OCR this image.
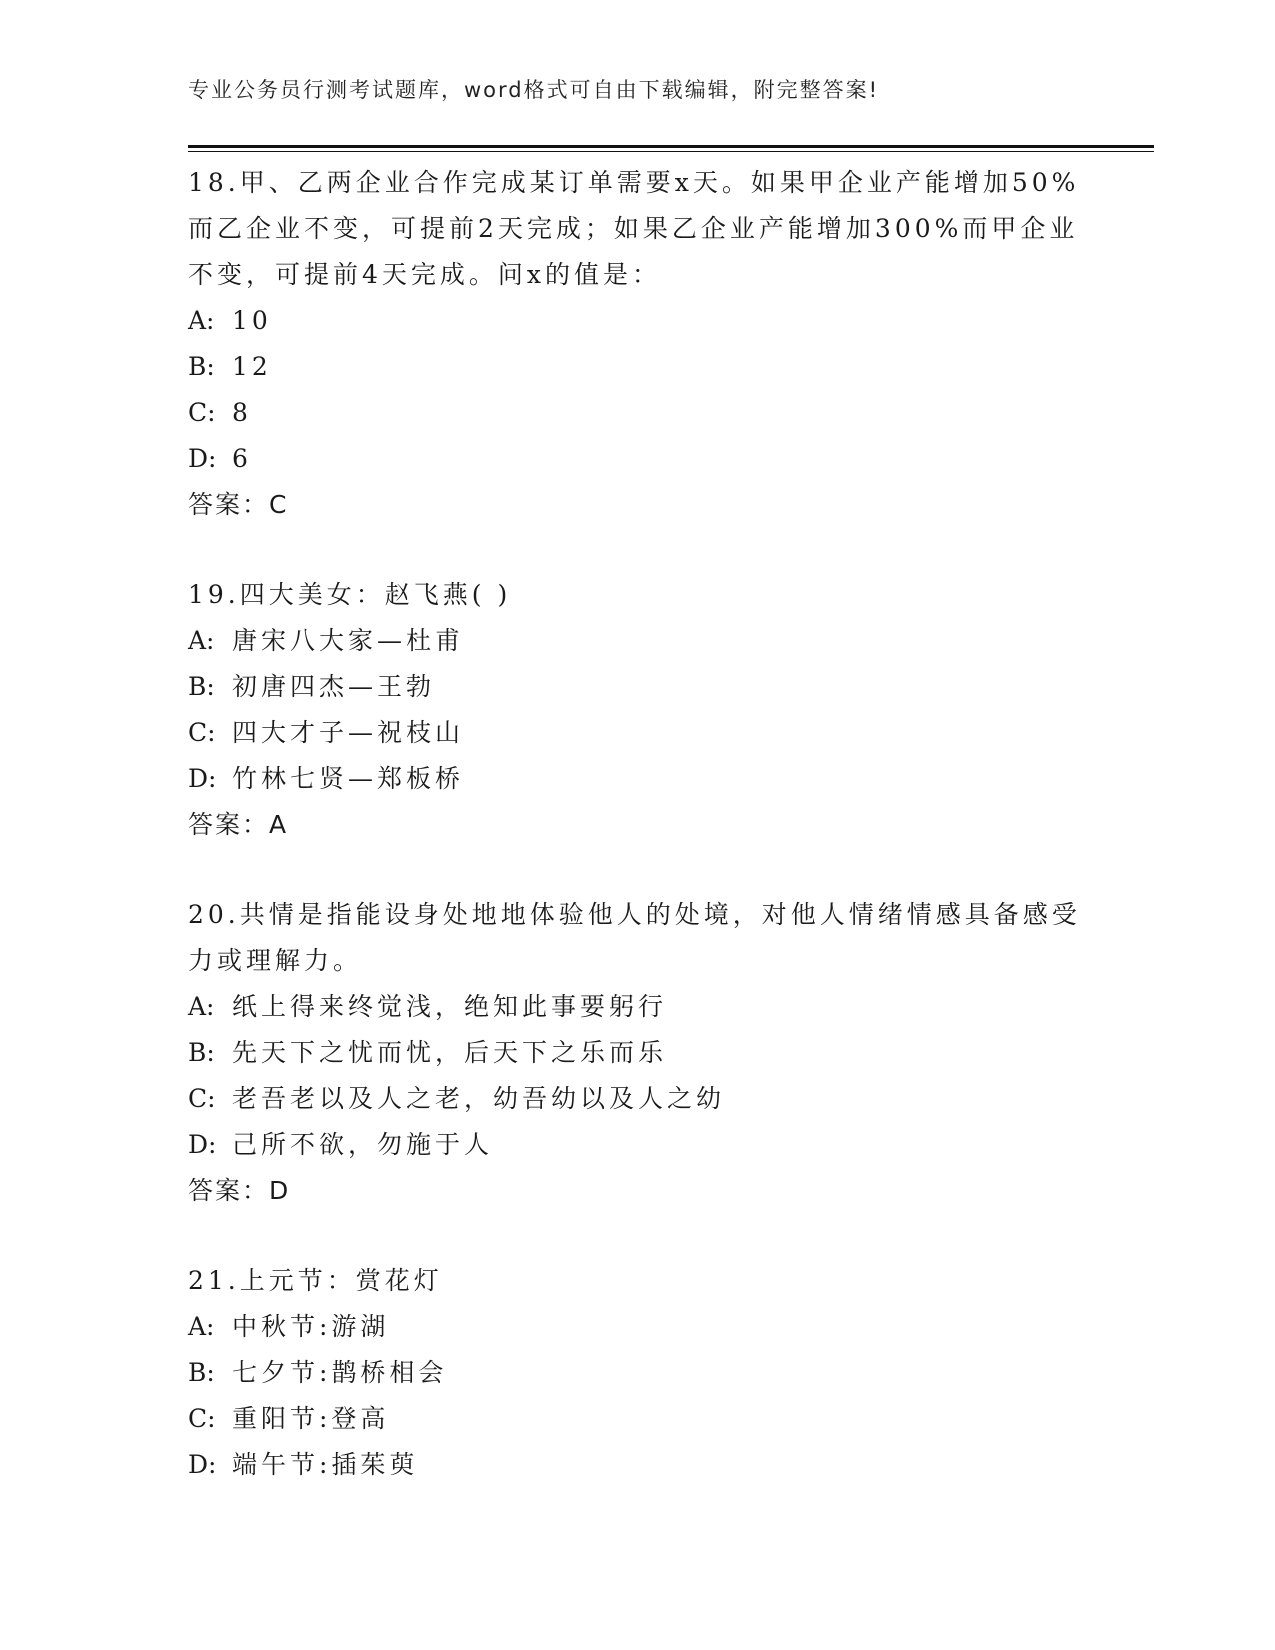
专业公务员行测考试题库，word格式可自由下载编辑，附完整答案!
18.甲、乙两企业合作完成某订单需要x天。如果甲企业产能增加50%
而乙企业不变，可提前2天完成；如果乙企业产能增加300%而甲企业
不变，可提前4天完成。问x的值是：
A: 10
B: 12
C: 8
D: 6
答案：C
19.四大美女：赵飞燕( )
A: 唐宋八大家—杜甫
B: 初唐四杰—王勃
C: 四大才子—祝枝山
D: 竹林七贤—郑板桥
答案：A
20.共情是指能设身处地地体验他人的处境，对他人情绪情感具备感受
力或理解力。
A: 纸上得来终觉浅，绝知此事要躬行
B: 先天下之忧而忧，后天下之乐而乐
C: 老吾老以及人之老，幼吾幼以及人之幼
D: 己所不欲，勿施于人
答案：D
21.上元节：赏花灯
A: 中秋节:游湖
B: 七夕节:鹊桥相会
C: 重阳节:登高
D: 端午节:插茱萸
